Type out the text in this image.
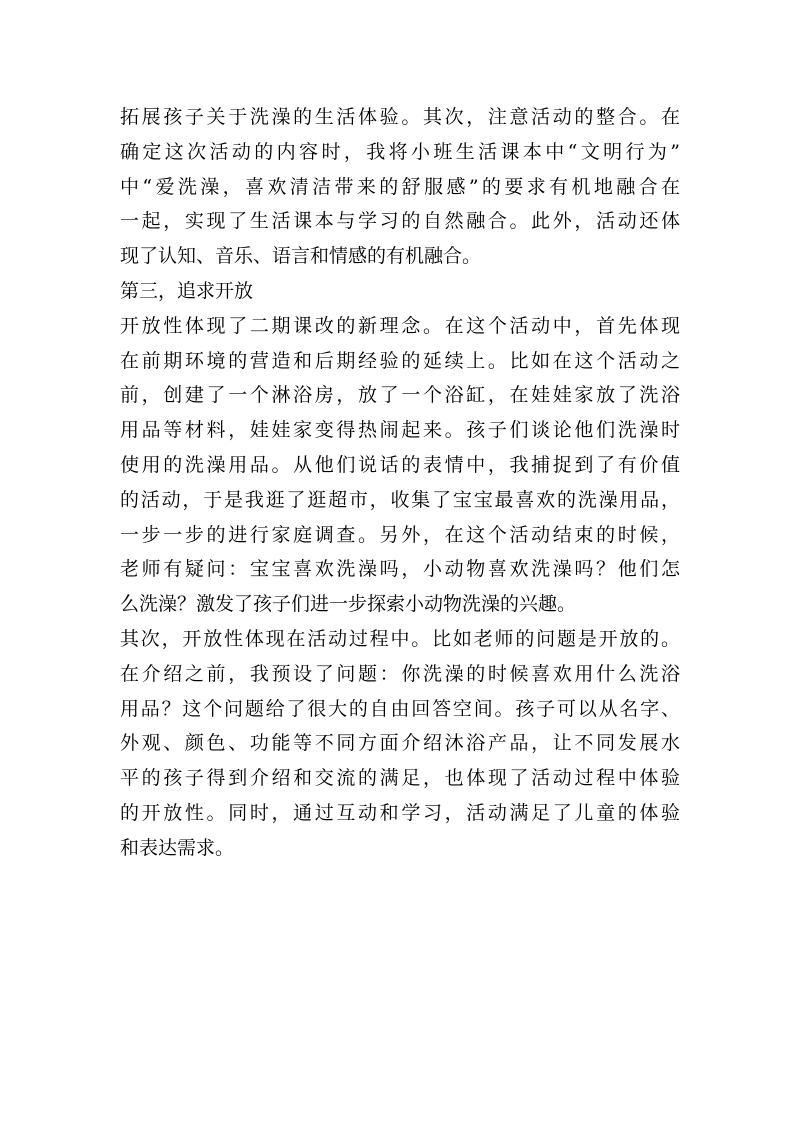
拓展孩子关于洗澡的生活体验。其次，注意活动的整合。在
确定这次活动的内容时，我将小班生活课本中“文明行为”
中“爱洗澡，喜欢清洁带来的舒服感”的要求有机地融合在
一起，实现了生活课本与学习的自然融合。此外，活动还体
现了认知、音乐、语言和情感的有机融合。
第三，追求开放
开放性体现了二期课改的新理念。在这个活动中，首先体现
在前期环境的营造和后期经验的延续上。比如在这个活动之
前，创建了一个淋浴房，放了一个浴缸，在娃娃家放了洗浴
用品等材料，娃娃家变得热闹起来。孩子们谈论他们洗澡时
使用的洗澡用品。从他们说话的表情中，我捕捉到了有价值
的活动，于是我逛了逛超市，收集了宝宝最喜欢的洗澡用品，
一步一步的进行家庭调查。另外，在这个活动结束的时候，
老师有疑问：宝宝喜欢洗澡吗，小动物喜欢洗澡吗？他们怎
么洗澡？激发了孩子们进一步探索小动物洗澡的兴趣。
其次，开放性体现在活动过程中。比如老师的问题是开放的。
在介绍之前，我预设了问题：你洗澡的时候喜欢用什么洗浴
用品？这个问题给了很大的自由回答空间。孩子可以从名字、
外观、颜色、功能等不同方面介绍沐浴产品，让不同发展水
平的孩子得到介绍和交流的满足，也体现了活动过程中体验
的开放性。同时，通过互动和学习，活动满足了儿童的体验
和表达需求。
